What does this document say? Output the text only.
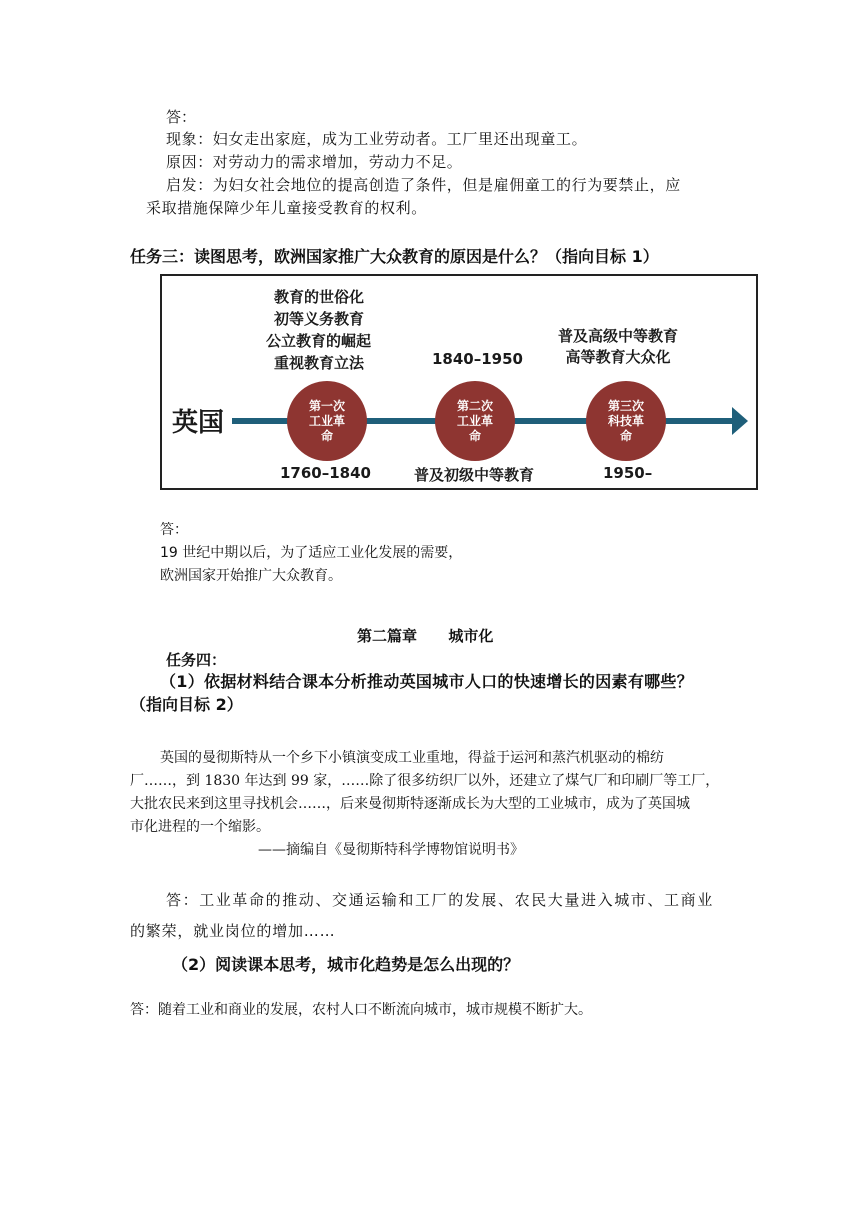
答：
现象：妇女走出家庭，成为工业劳动者。工厂里还出现童工。
原因：对劳动力的需求增加，劳动力不足。
启发：为妇女社会地位的提高创造了条件，但是雇佣童工的行为要禁止，应
采取措施保障少年儿童接受教育的权利。
任务三：读图思考，欧洲国家推广大众教育的原因是什么？（指向目标 1）
英国
教育的世俗化
初等义务教育
公立教育的崛起
重视教育立法
第一次
工业革
命
第二次
工业革
命
第三次
科技革
命
1760–1840
1840–1950
普及初级中等教育
普及高级中等教育
高等教育大众化
1950–
答：
19 世纪中期以后，为了适应工业化发展的需要，
欧洲国家开始推广大众教育。
第二篇章      城市化
任务四：
（1）依据材料结合课本分析推动英国城市人口的快速增长的因素有哪些？
（指向目标 2）
英国的曼彻斯特从一个乡下小镇演变成工业重地，得益于运河和蒸汽机驱动的棉纺
厂……，到 1830 年达到 99 家，……除了很多纺织厂以外，还建立了煤气厂和印刷厂等工厂，
大批农民来到这里寻找机会……，后来曼彻斯特逐渐成长为大型的工业城市，成为了英国城
市化进程的一个缩影。
——摘编自《曼彻斯特科学博物馆说明书》
答：工业革命的推动、交通运输和工厂的发展、农民大量进入城市、工商业
的繁荣，就业岗位的增加……
（2）阅读课本思考，城市化趋势是怎么出现的？
答：随着工业和商业的发展，农村人口不断流向城市，城市规模不断扩大。
